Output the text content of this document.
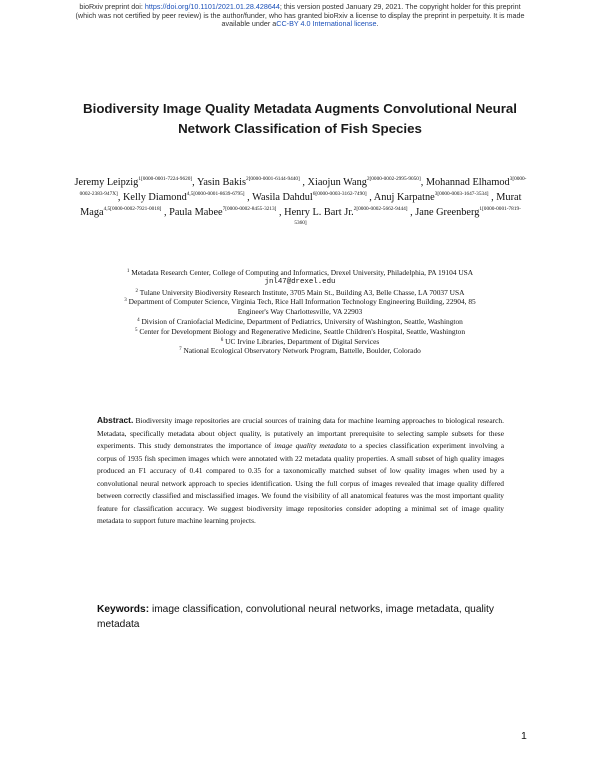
bioRxiv preprint doi: https://doi.org/10.1101/2021.01.28.428644; this version posted January 29, 2021. The copyright holder for this preprint
(which was not certified by peer review) is the author/funder, who has granted bioRxiv a license to display the preprint in perpetuity. It is made
available under aCC-BY 4.0 International license.
Biodiversity Image Quality Metadata Augments Convolutional Neural
Network Classification of Fish Species
Jeremy Leipzig$^{1[0000-0001-7224-9620]}$, Yasin Bakis$^{2[0000-0001-6144-9440]}$ , Xiaojun Wang$^{2[0000-0002-2995-9050]}$, Mohannad Elhamod$^{3[0000-0002-2383-947X]}$, Kelly Diamond$^{4,5[0000-0001-8639-6795]}$ , Wasila Dahdul$^{6[0000-0003-3162-7490]}$ , Anuj Karpatne$^{3[0000-0003-1647-3534]}$ , Murat Maga$^{4,5[0000-0002-7921-0018]}$ , Paula Mabee$^{7[0000-0002-8455-3213]}$ , Henry L. Bart Jr.$^{2[0000-0002-5662-9444]}$ , Jane Greenberg$^{1[0000-0001-7819-5360]}$
$^1$ Metadata Research Center, College of Computing and Informatics, Drexel University, Philadelphia, PA 19104 USA
jnl47@drexel.edu
$^2$ Tulane University Biodiversity Research Institute, 3705 Main St., Building A3, Belle Chasse, LA 70037 USA
$^3$ Department of Computer Science, Virginia Tech, Rice Hall Information Technology Engineering Building, 22904, 85
Engineer's Way Charlottesville, VA 22903
$^4$ Division of Craniofacial Medicine, Department of Pediatrics, University of Washington, Seattle, Washington
$^5$ Center for Development Biology and Regenerative Medicine, Seattle Children's Hospital, Seattle, Washington
$^6$ UC Irvine Libraries, Department of Digital Services
$^7$ National Ecological Observatory Network Program, Battelle, Boulder, Colorado
Abstract. Biodiversity image repositories are crucial sources of training data for machine learning approaches to biological research. Metadata, specifically metadata about object quality, is putatively an important prerequisite to selecting sample subsets for these experiments. This study demonstrates the importance of image quality metadata to a species classification experiment involving a corpus of 1935 fish specimen images which were annotated with 22 metadata quality properties. A small subset of high quality images produced an F1 accuracy of 0.41 compared to 0.35 for a taxonomically matched subset of low quality images when used by a convolutional neural network approach to species identification. Using the full corpus of images revealed that image quality differed between correctly classified and misclassified images. We found the visibility of all anatomical features was the most important quality feature for classification accuracy. We suggest biodiversity image repositories consider adopting a minimal set of image quality metadata to support future machine learning projects.
Keywords: image classification, convolutional neural networks, image metadata, quality metadata
1
